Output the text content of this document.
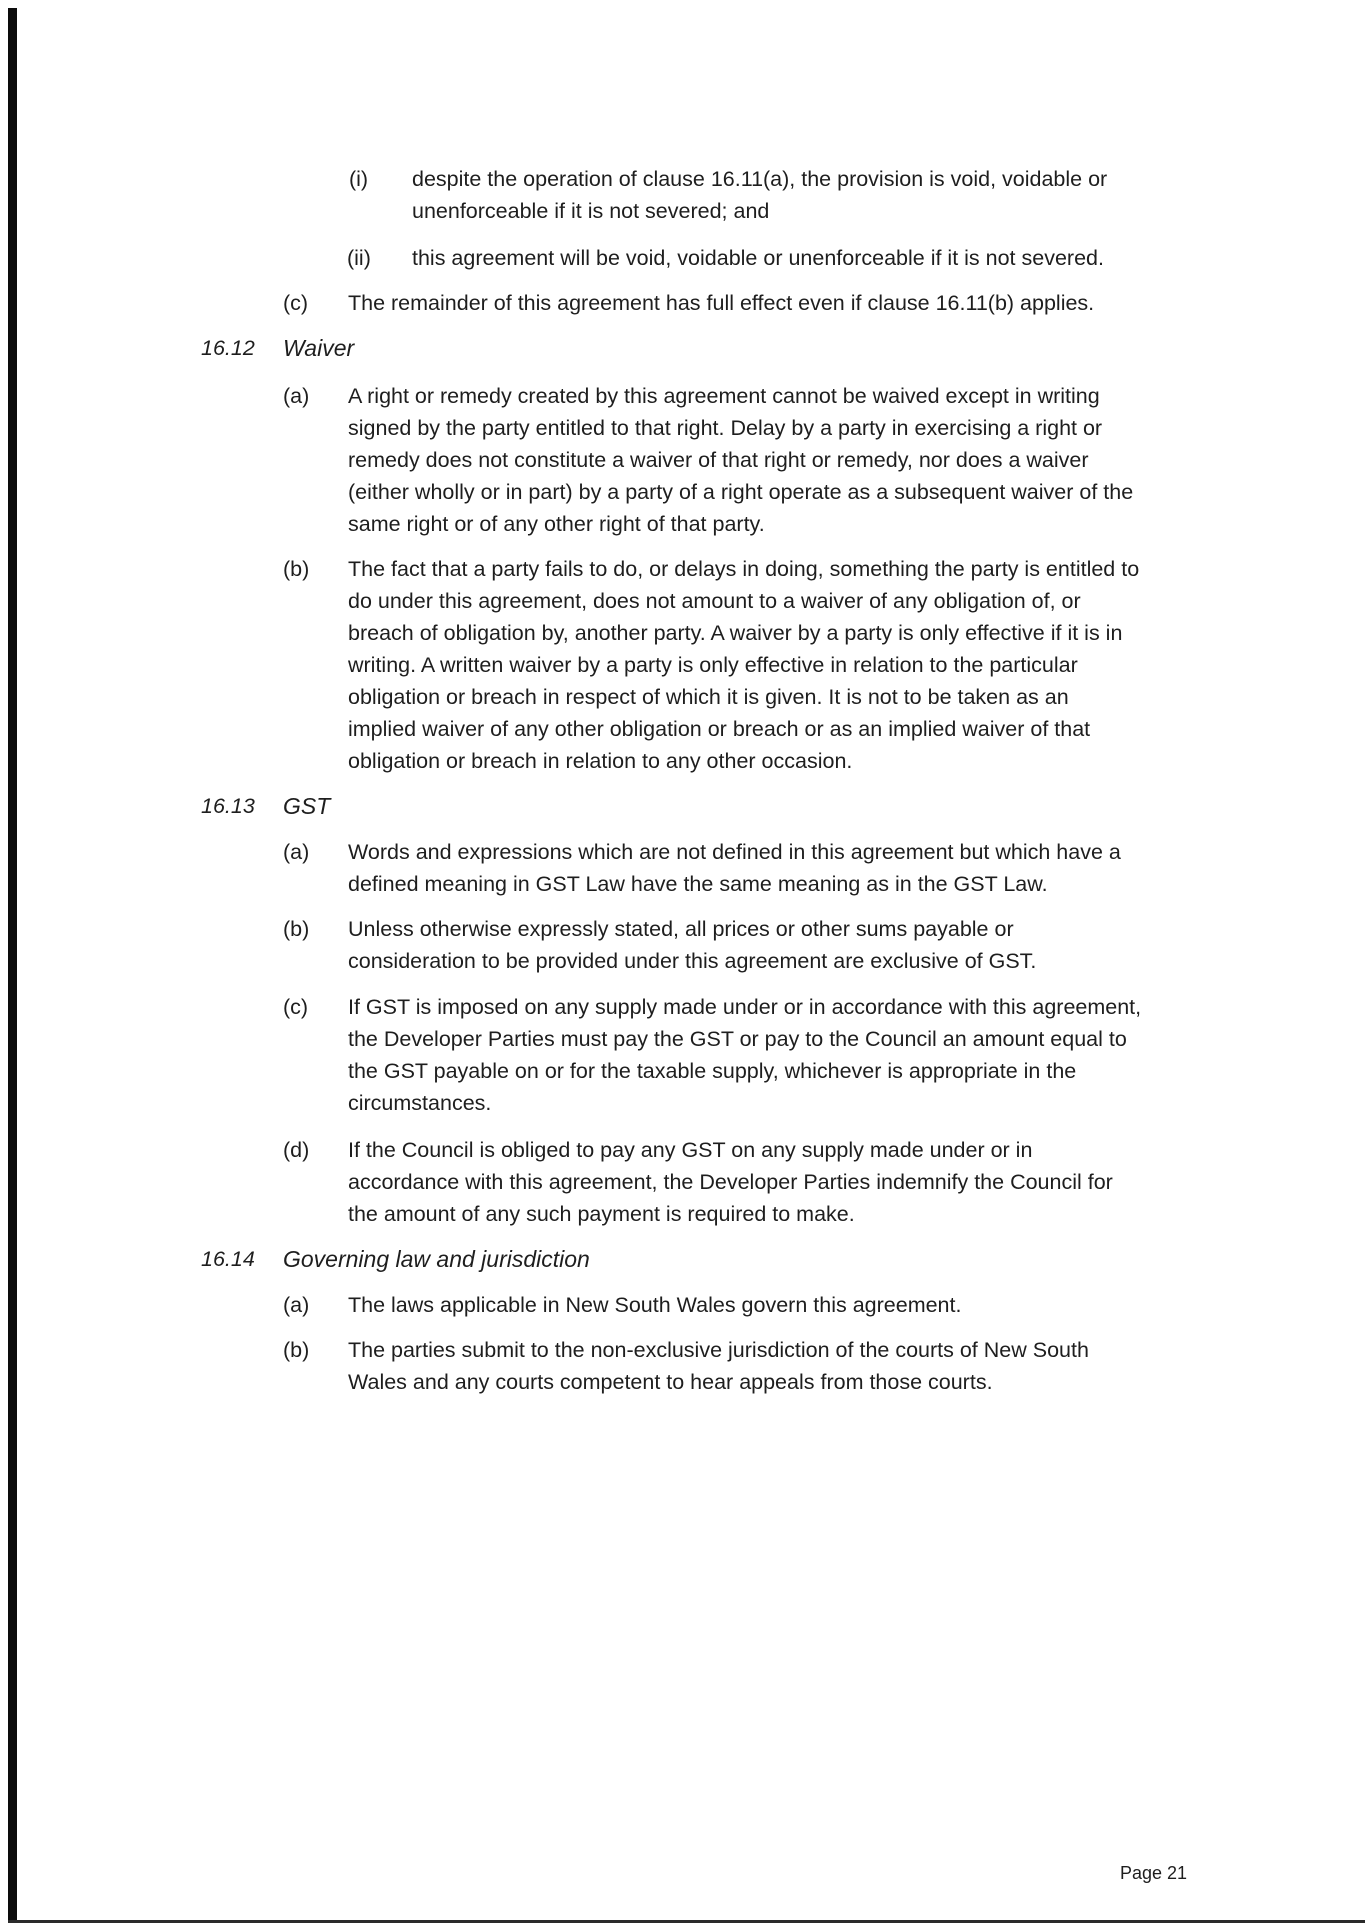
(i) despite the operation of clause 16.11(a), the provision is void, voidable or
unenforceable if it is not severed; and
(ii) this agreement will be void, voidable or unenforceable if it is not severed.
(c) The remainder of this agreement has full effect even if clause 16.11(b) applies.
16.12 Waiver
(a) A right or remedy created by this agreement cannot be waived except in writing
signed by the party entitled to that right. Delay by a party in exercising a right or
remedy does not constitute a waiver of that right or remedy, nor does a waiver
(either wholly or in part) by a party of a right operate as a subsequent waiver of the
same right or of any other right of that party.
(b) The fact that a party fails to do, or delays in doing, something the party is entitled to
do under this agreement, does not amount to a waiver of any obligation of, or
breach of obligation by, another party. A waiver by a party is only effective if it is in
writing. A written waiver by a party is only effective in relation to the particular
obligation or breach in respect of which it is given. It is not to be taken as an
implied waiver of any other obligation or breach or as an implied waiver of that
obligation or breach in relation to any other occasion.
16.13 GST
(a) Words and expressions which are not defined in this agreement but which have a
defined meaning in GST Law have the same meaning as in the GST Law.
(b) Unless otherwise expressly stated, all prices or other sums payable or
consideration to be provided under this agreement are exclusive of GST.
(c) If GST is imposed on any supply made under or in accordance with this agreement,
the Developer Parties must pay the GST or pay to the Council an amount equal to
the GST payable on or for the taxable supply, whichever is appropriate in the
circumstances.
(d) If the Council is obliged to pay any GST on any supply made under or in
accordance with this agreement, the Developer Parties indemnify the Council for
the amount of any such payment is required to make.
16.14 Governing law and jurisdiction
(a) The laws applicable in New South Wales govern this agreement.
(b) The parties submit to the non-exclusive jurisdiction of the courts of New South
Wales and any courts competent to hear appeals from those courts.
Page 21
